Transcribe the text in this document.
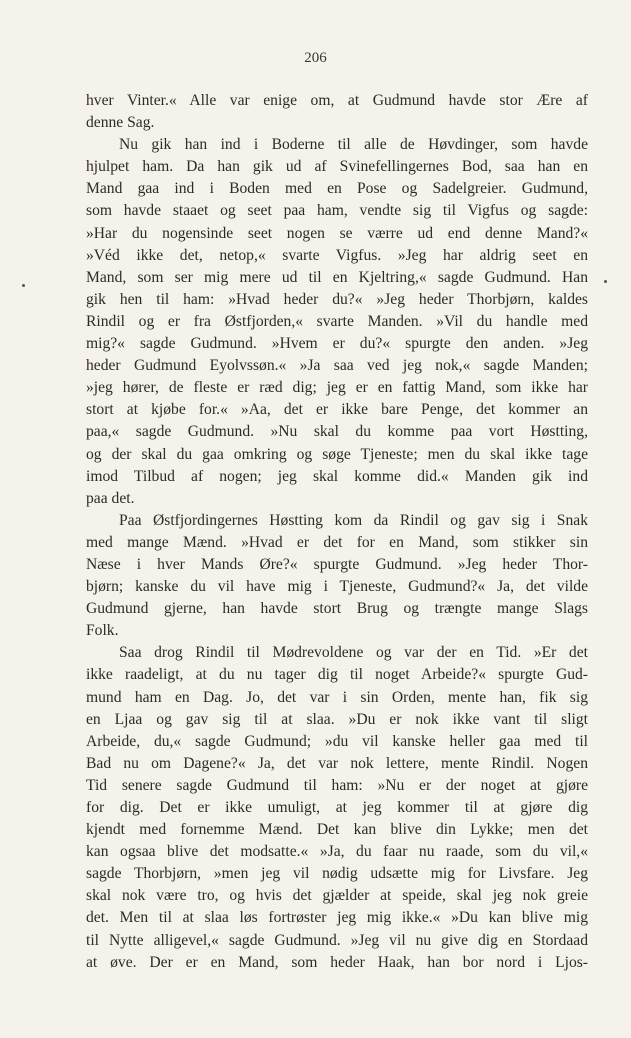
206
hver Vinter.« Alle var enige om, at Gudmund havde stor Ære af
denne Sag.
Nu gik han ind i Boderne til alle de Høvdinger, som havde
hjulpet ham. Da han gik ud af Svinefellingernes Bod, saa han en
Mand gaa ind i Boden med en Pose og Sadelgreier. Gudmund,
som havde staaet og seet paa ham, vendte sig til Vigfus og sagde:
»Har du nogensinde seet nogen se værre ud end denne Mand?«
»Véd ikke det, netop,« svarte Vigfus. »Jeg har aldrig seet en
Mand, som ser mig mere ud til en Kjeltring,« sagde Gudmund. Han
gik hen til ham: »Hvad heder du?« »Jeg heder Thorbjørn, kaldes
Rindil og er fra Østfjorden,« svarte Manden. »Vil du handle med
mig?« sagde Gudmund. »Hvem er du?« spurgte den anden. »Jeg
heder Gudmund Eyolvssøn.« »Ja saa ved jeg nok,« sagde Manden;
»jeg hører, de fleste er ræd dig; jeg er en fattig Mand, som ikke har
stort at kjøbe for.« »Aa, det er ikke bare Penge, det kommer an
paa,« sagde Gudmund. »Nu skal du komme paa vort Høstting,
og der skal du gaa omkring og søge Tjeneste; men du skal ikke tage
imod Tilbud af nogen; jeg skal komme did.« Manden gik ind
paa det.
Paa Østfjordingernes Høstting kom da Rindil og gav sig i Snak
med mange Mænd. »Hvad er det for en Mand, som stikker sin
Næse i hver Mands Øre?« spurgte Gudmund. »Jeg heder Thor-
bjørn; kanske du vil have mig i Tjeneste, Gudmund?« Ja, det vilde
Gudmund gjerne, han havde stort Brug og trængte mange Slags
Folk.
Saa drog Rindil til Mødrevoldene og var der en Tid. »Er det
ikke raadeligt, at du nu tager dig til noget Arbeide?« spurgte Gud-
mund ham en Dag. Jo, det var i sin Orden, mente han, fik sig
en Ljaa og gav sig til at slaa. »Du er nok ikke vant til sligt
Arbeide, du,« sagde Gudmund; »du vil kanske heller gaa med til
Bad nu om Dagene?« Ja, det var nok lettere, mente Rindil. Nogen
Tid senere sagde Gudmund til ham: »Nu er der noget at gjøre
for dig. Det er ikke umuligt, at jeg kommer til at gjøre dig
kjendt med fornemme Mænd. Det kan blive din Lykke; men det
kan ogsaa blive det modsatte.« »Ja, du faar nu raade, som du vil,«
sagde Thorbjørn, »men jeg vil nødig udsætte mig for Livsfare. Jeg
skal nok være tro, og hvis det gjælder at speide, skal jeg nok greie
det. Men til at slaa løs fortrøster jeg mig ikke.« »Du kan blive mig
til Nytte alligevel,« sagde Gudmund. »Jeg vil nu give dig en Stordaad
at øve. Der er en Mand, som heder Haak, han bor nord i Ljos-
